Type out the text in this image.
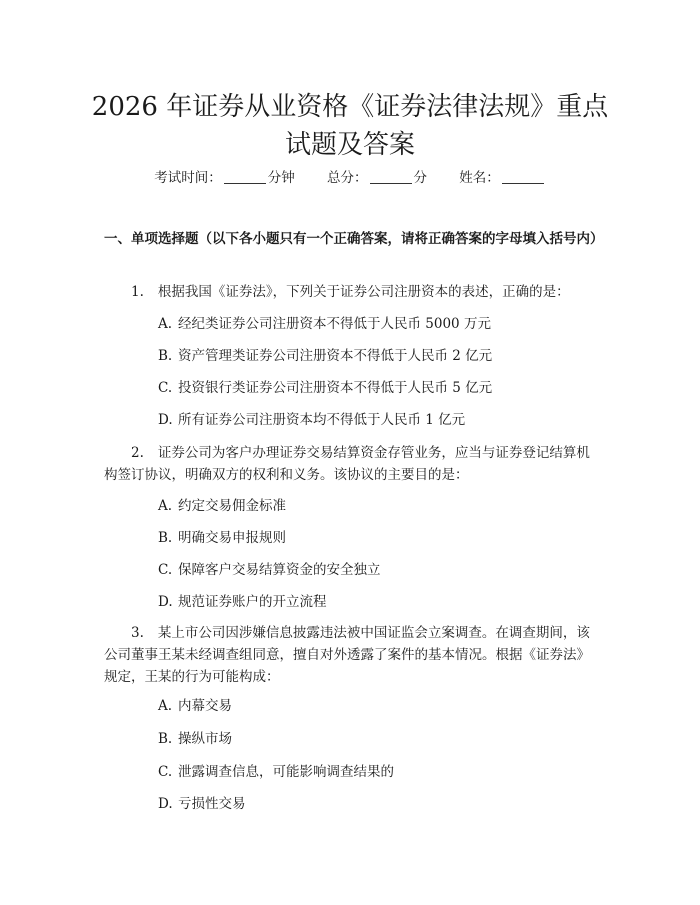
2026 年证券从业资格《证券法律法规》重点
试题及答案
考试时间：	分钟 总分：	分 姓名：

一、单项选择题（以下各小题只有一个正确答案，请将正确答案的字母填入括号内）

1. 根据我国《证券法》，下列关于证券公司注册资本的表述，正确的是：

A. 经纪类证券公司注册资本不得低于人民币 5000 万元

B. 资产管理类证券公司注册资本不得低于人民币 2 亿元

C. 投资银行类证券公司注册资本不得低于人民币 5 亿元

D. 所有证券公司注册资本均不得低于人民币 1 亿元

2. 证券公司为客户办理证券交易结算资金存管业务，应当与证券登记结算机构签订协议，明确双方的权利和义务。该协议的主要目的是：

A. 约定交易佣金标准

B. 明确交易申报规则

C. 保障客户交易结算资金的安全独立

D. 规范证券账户的开立流程

3. 某上市公司因涉嫌信息披露违法被中国证监会立案调查。在调查期间，该公司董事王某未经调查组同意，擅自对外透露了案件的基本情况。根据《证券法》规定，王某的行为可能构成：

A. 内幕交易

B. 操纵市场

C. 泄露调查信息，可能影响调查结果的

D. 亏损性交易
